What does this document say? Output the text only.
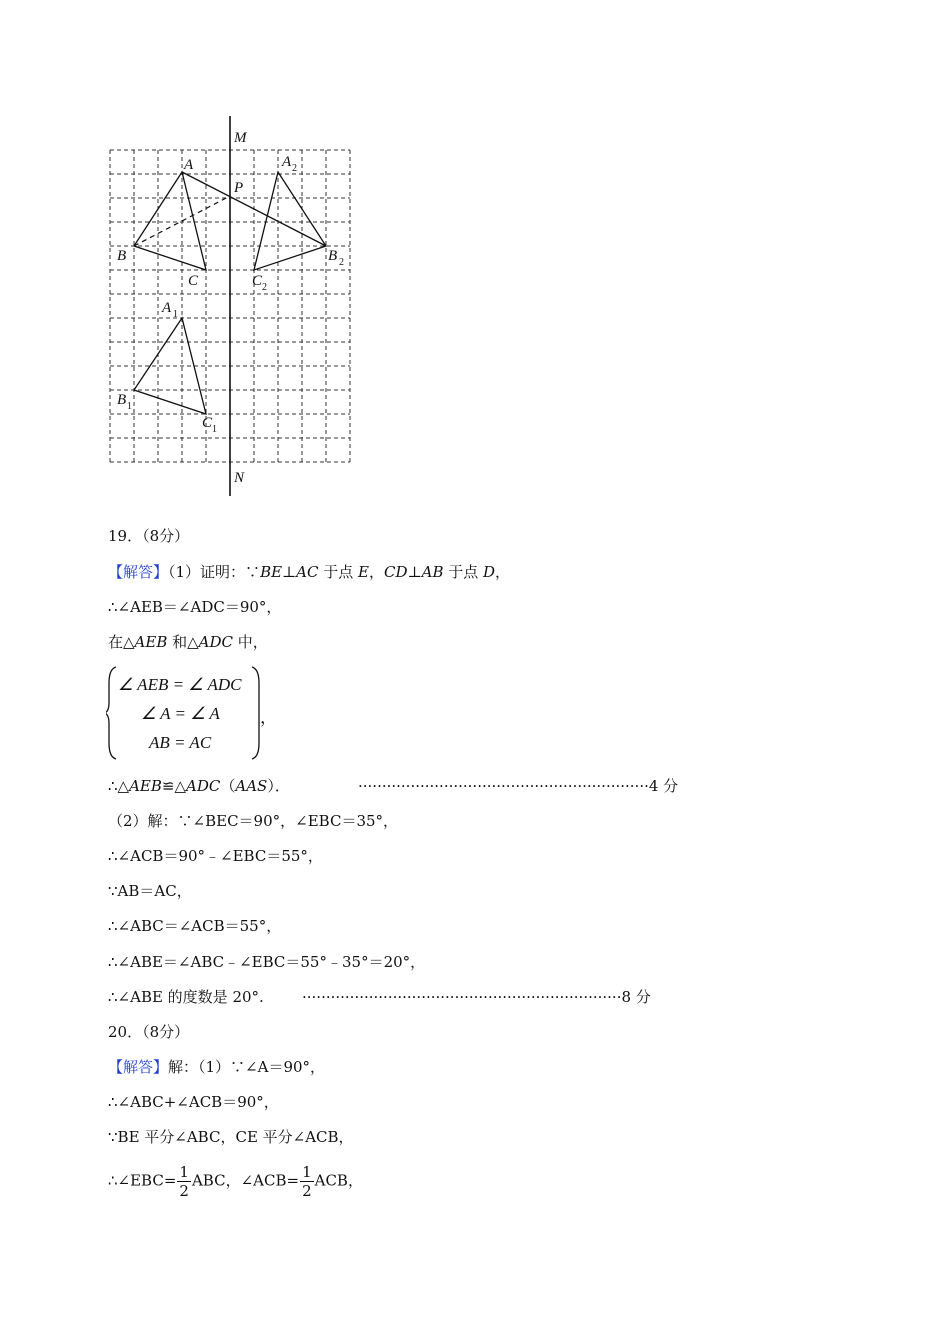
M
N
P
A
B
C
A 1
B 1
C 1
A 2
B 2
C 2
19．（8分）
【解答】（1）证明：∵BE⊥AC 于点 E，CD⊥AB 于点 D，
∴∠AEB＝∠ADC＝90°，
在△AEB 和△ADC 中，
∠ AEB = ∠ ADC
∠ A = ∠ A
AB = AC
，
∴△AEB≌△ADC（AAS）．	·····························································4 分
（2）解：∵∠BEC＝90°，∠EBC＝35°，
∴∠ACB＝90°﹣∠EBC＝55°，
∵AB＝AC，
∴∠ABC＝∠ACB＝55°，
∴∠ABE＝∠ABC﹣∠EBC＝55°﹣35°＝20°，
∴∠ABE 的度数是 20°.	···································································8 分
20．（8分）
【解答】解：（1）∵∠A＝90°，
∴∠ABC+∠ACB＝90°，
∵BE 平分∠ABC，CE 平分∠ACB，
∴∠EBC= $\frac{1}{2}$ ABC，∠ACB= $\frac{1}{2}$ ACB，
